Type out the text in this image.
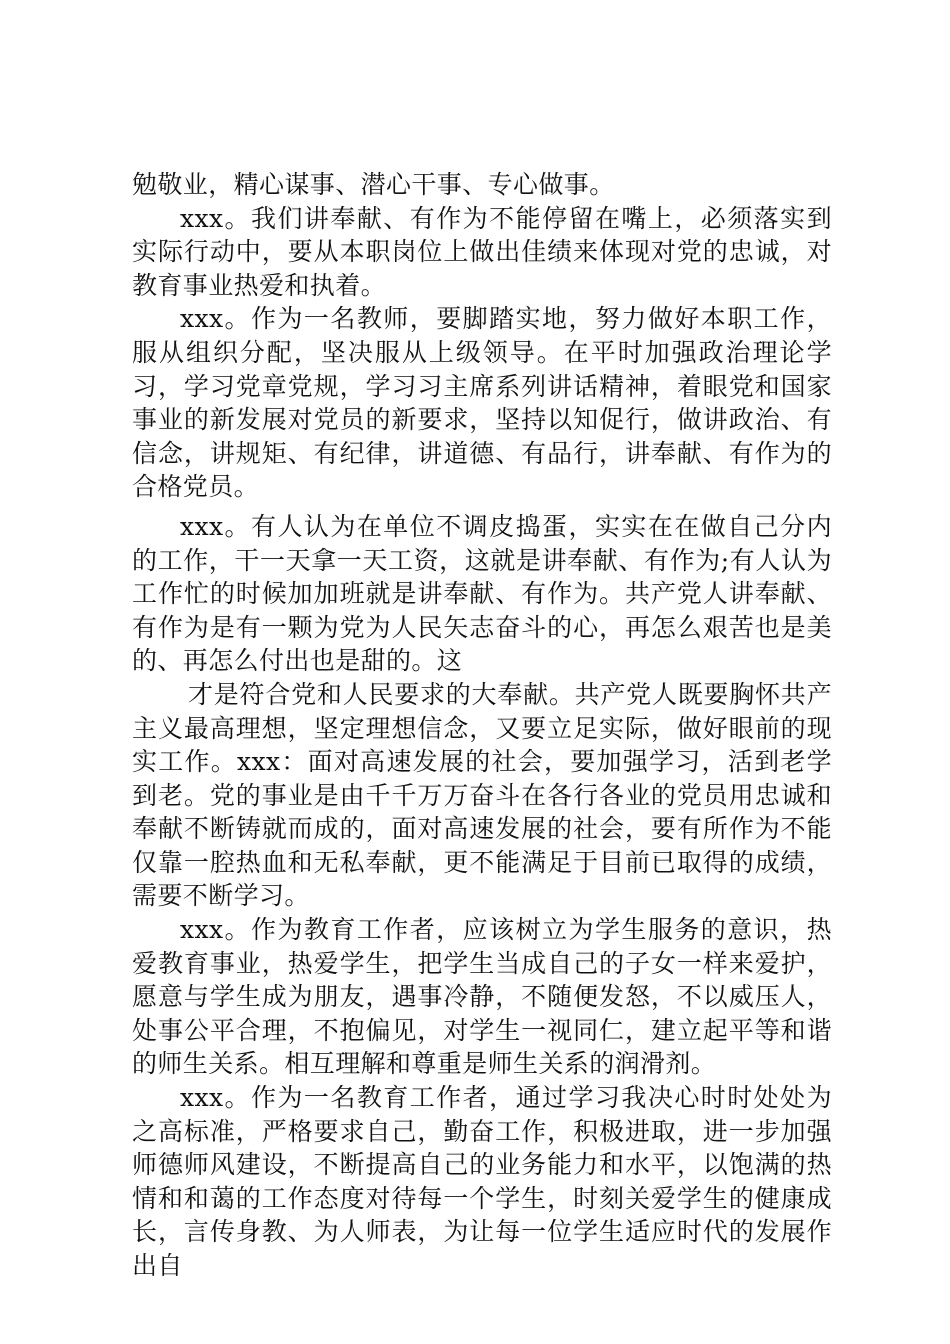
勉敬业，精心谋事、潜心干事、专心做事。

xxx。我们讲奉献、有作为不能停留在嘴上，必须落实到实际行动中，要从本职岗位上做出佳绩来体现对党的忠诚，对教育事业热爱和执着。

xxx。作为一名教师，要脚踏实地，努力做好本职工作，服从组织分配，坚决服从上级领导。在平时加强政治理论学习，学习党章党规，学习习主席系列讲话精神，着眼党和国家事业的新发展对党员的新要求，坚持以知促行，做讲政治、有信念，讲规矩、有纪律，讲道德、有品行，讲奉献、有作为的合格党员。

xxx。有人认为在单位不调皮捣蛋，实实在在做自己分内的工作，干一天拿一天工资，这就是讲奉献、有作为;有人认为工作忙的时候加加班就是讲奉献、有作为。共产党人讲奉献、有作为是有一颗为党为人民矢志奋斗的心，再怎么艰苦也是美的、再怎么付出也是甜的。这

才是符合党和人民要求的大奉献。共产党人既要胸怀共产主义最高理想，坚定理想信念，又要立足实际，做好眼前的现实工作。xxx：面对高速发展的社会，要加强学习，活到老学到老。党的事业是由千千万万奋斗在各行各业的党员用忠诚和奉献不断铸就而成的，面对高速发展的社会，要有所作为不能仅靠一腔热血和无私奉献，更不能满足于目前已取得的成绩，需要不断学习。

xxx。作为教育工作者，应该树立为学生服务的意识，热爱教育事业，热爱学生，把学生当成自己的子女一样来爱护，愿意与学生成为朋友，遇事冷静，不随便发怒，不以威压人，处事公平合理，不抱偏见，对学生一视同仁，建立起平等和谐的师生关系。相互理解和尊重是师生关系的润滑剂。

xxx。作为一名教育工作者，通过学习我决心时时处处为之高标准，严格要求自己，勤奋工作，积极进取，进一步加强师德师风建设，不断提高自己的业务能力和水平，以饱满的热情和和蔼的工作态度对待每一个学生，时刻关爱学生的健康成长，言传身教、为人师表，为让每一位学生适应时代的发展作出自
